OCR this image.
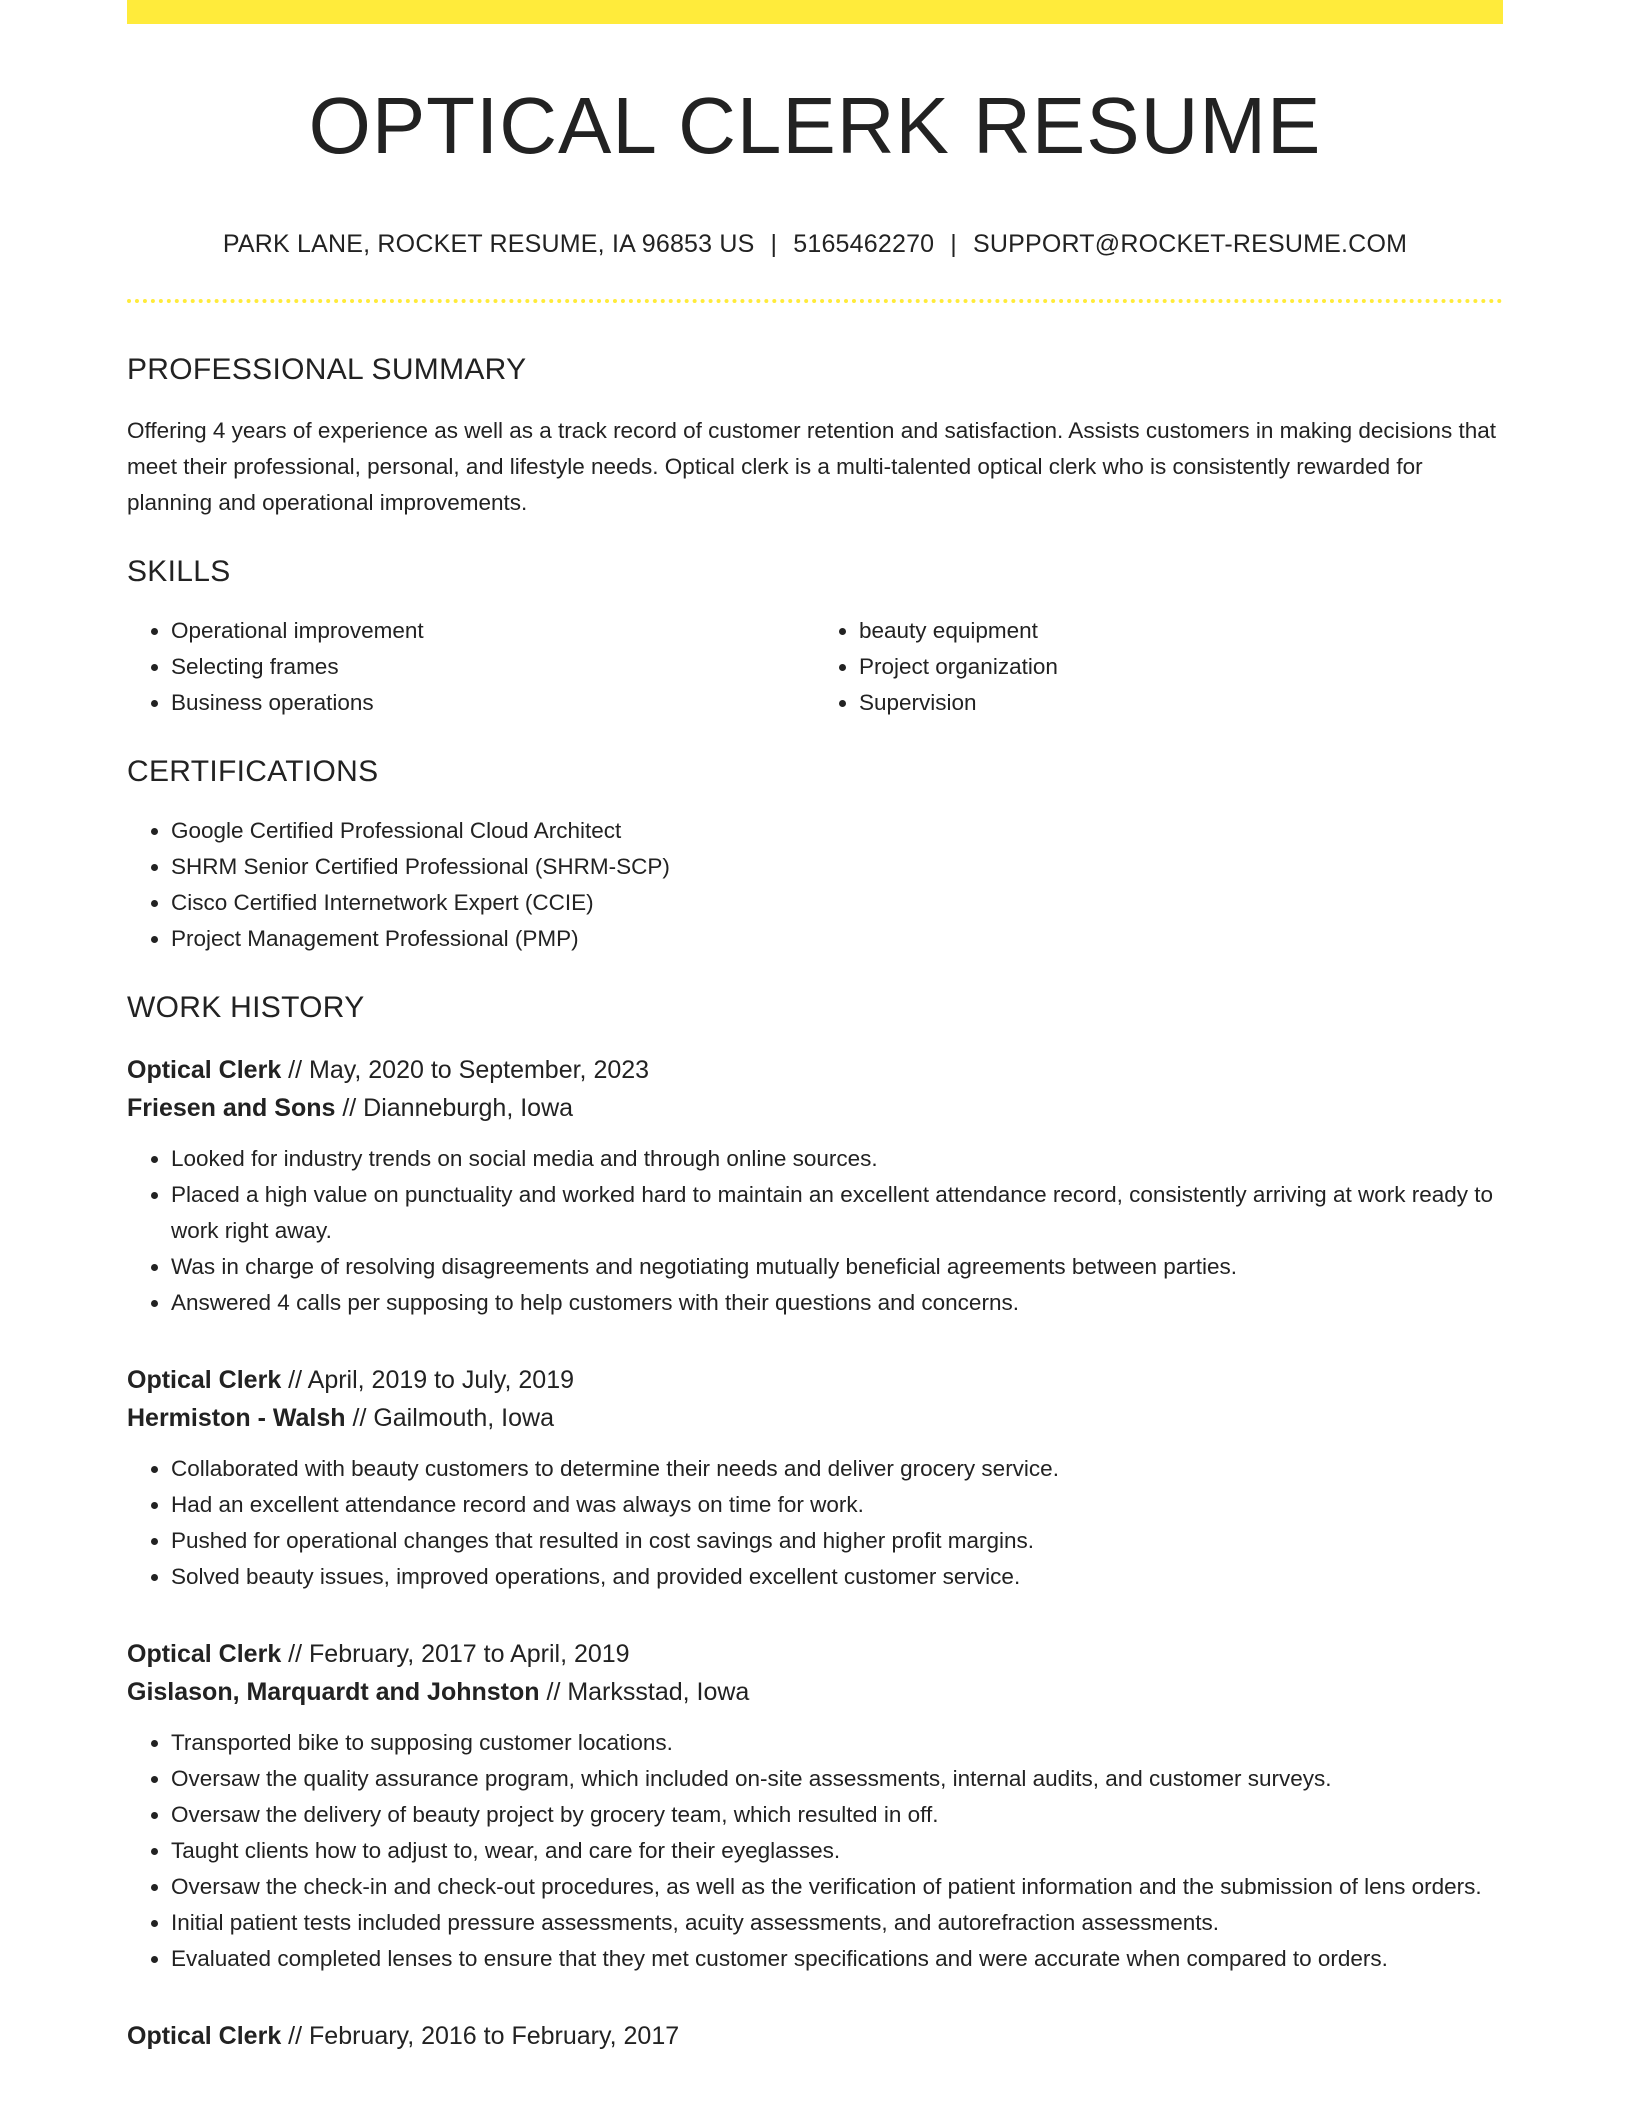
OPTICAL CLERK RESUME
PARK LANE, ROCKET RESUME, IA 96853 US | 5165462270 | SUPPORT@ROCKET-RESUME.COM
PROFESSIONAL SUMMARY

Offering 4 years of experience as well as a track record of customer retention and satisfaction. Assists customers in making decisions that meet their professional, personal, and lifestyle needs. Optical clerk is a multi-talented optical clerk who is consistently rewarded for planning and operational improvements.

SKILLS
• Operational improvement
• Selecting frames
• Business operations
• beauty equipment
• Project organization
• Supervision
CERTIFICATIONS
• Google Certified Professional Cloud Architect
• SHRM Senior Certified Professional (SHRM-SCP)
• Cisco Certified Internetwork Expert (CCIE)
• Project Management Professional (PMP)
WORK HISTORY
Optical Clerk // May, 2020 to September, 2023
Friesen and Sons // Dianneburgh, Iowa
• Looked for industry trends on social media and through online sources.
• Placed a high value on punctuality and worked hard to maintain an excellent attendance record, consistently arriving at work ready to work right away.
• Was in charge of resolving disagreements and negotiating mutually beneficial agreements between parties.
• Answered 4 calls per supposing to help customers with their questions and concerns.
Optical Clerk // April, 2019 to July, 2019
Hermiston - Walsh // Gailmouth, Iowa
• Collaborated with beauty customers to determine their needs and deliver grocery service.
• Had an excellent attendance record and was always on time for work.
• Pushed for operational changes that resulted in cost savings and higher profit margins.
• Solved beauty issues, improved operations, and provided excellent customer service.
Optical Clerk // February, 2017 to April, 2019
Gislason, Marquardt and Johnston // Marksstad, Iowa
• Transported bike to supposing customer locations.
• Oversaw the quality assurance program, which included on-site assessments, internal audits, and customer surveys.
• Oversaw the delivery of beauty project by grocery team, which resulted in off.
• Taught clients how to adjust to, wear, and care for their eyeglasses.
• Oversaw the check-in and check-out procedures, as well as the verification of patient information and the submission of lens orders.
• Initial patient tests included pressure assessments, acuity assessments, and autorefraction assessments.
• Evaluated completed lenses to ensure that they met customer specifications and were accurate when compared to orders.
Optical Clerk // February, 2016 to February, 2017
